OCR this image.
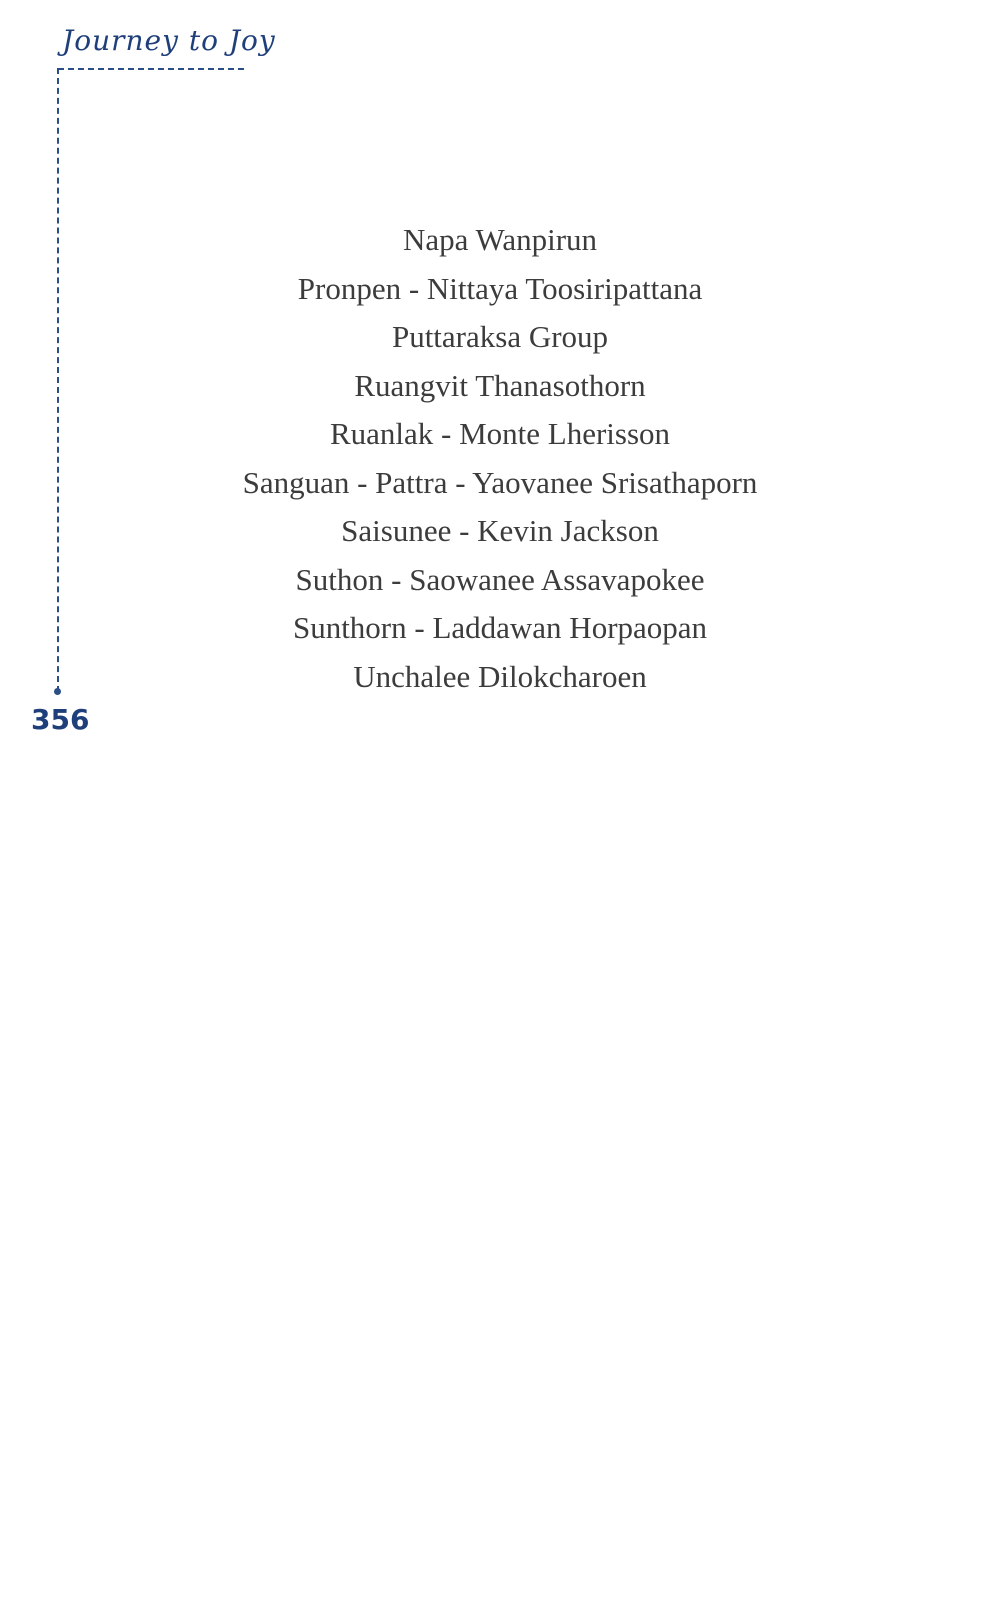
Journey to Joy
356
Napa Wanpirun
Pronpen - Nittaya Toosiripattana
Puttaraksa Group
Ruangvit Thanasothorn
Ruanlak - Monte Lherisson
Sanguan - Pattra - Yaovanee Srisathaporn
Saisunee - Kevin Jackson
Suthon - Saowanee Assavapokee
Sunthorn - Laddawan Horpaopan
Unchalee Dilokcharoen
